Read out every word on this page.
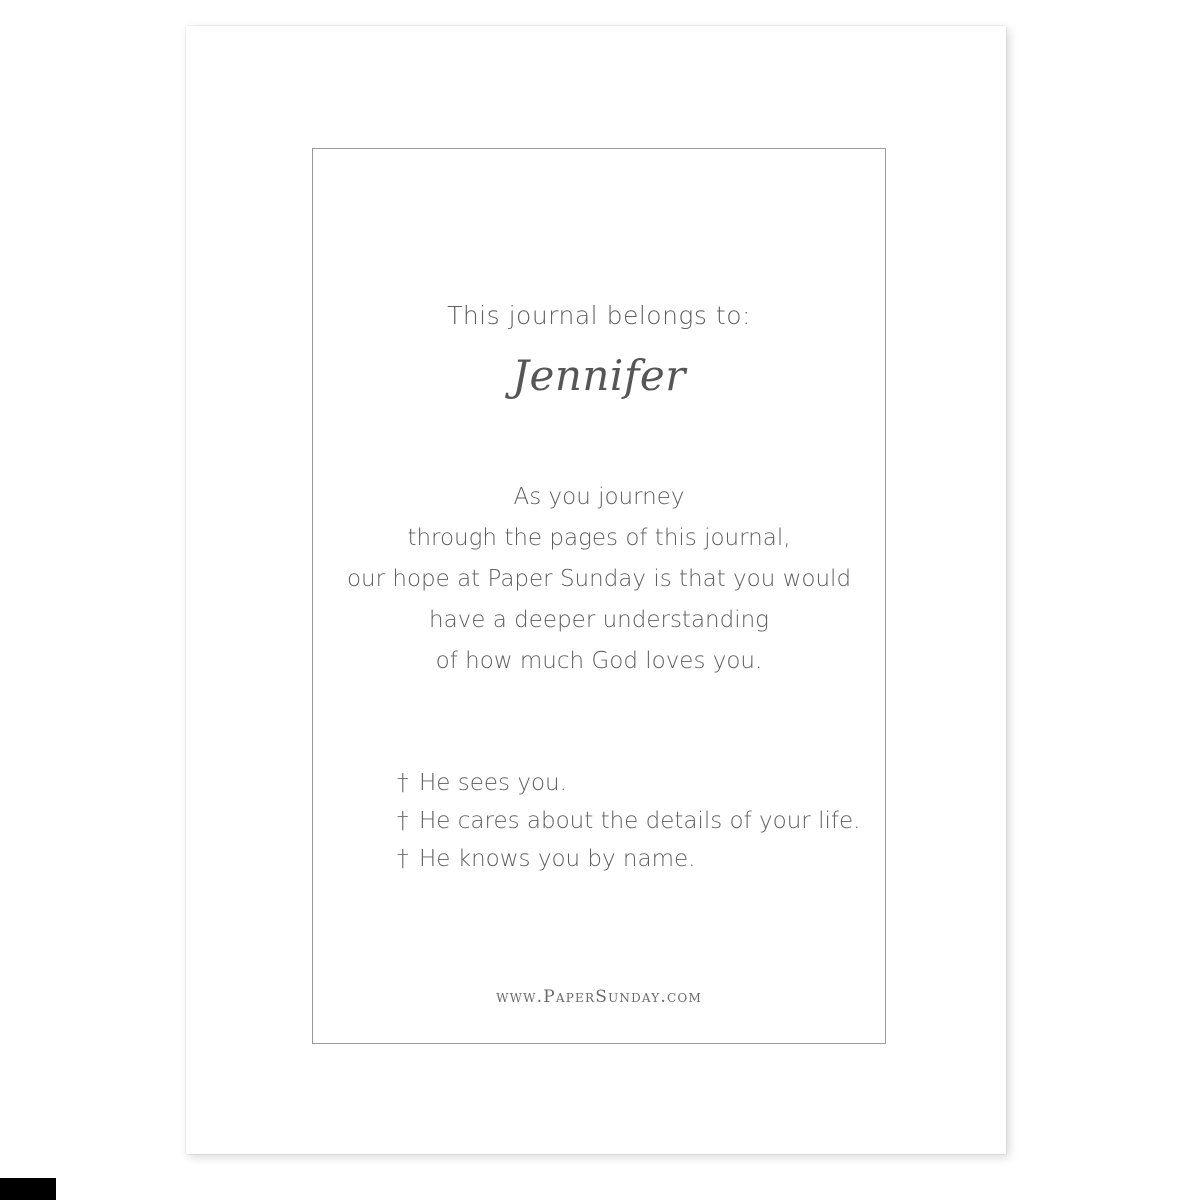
This journal belongs to:
Jennifer
As you journey
through the pages of this journal,
our hope at Paper Sunday is that you would
have a deeper understanding
of how much God loves you.
† He sees you.
† He cares about the details of your life.
† He knows you by name.
www.PaperSunday.com
